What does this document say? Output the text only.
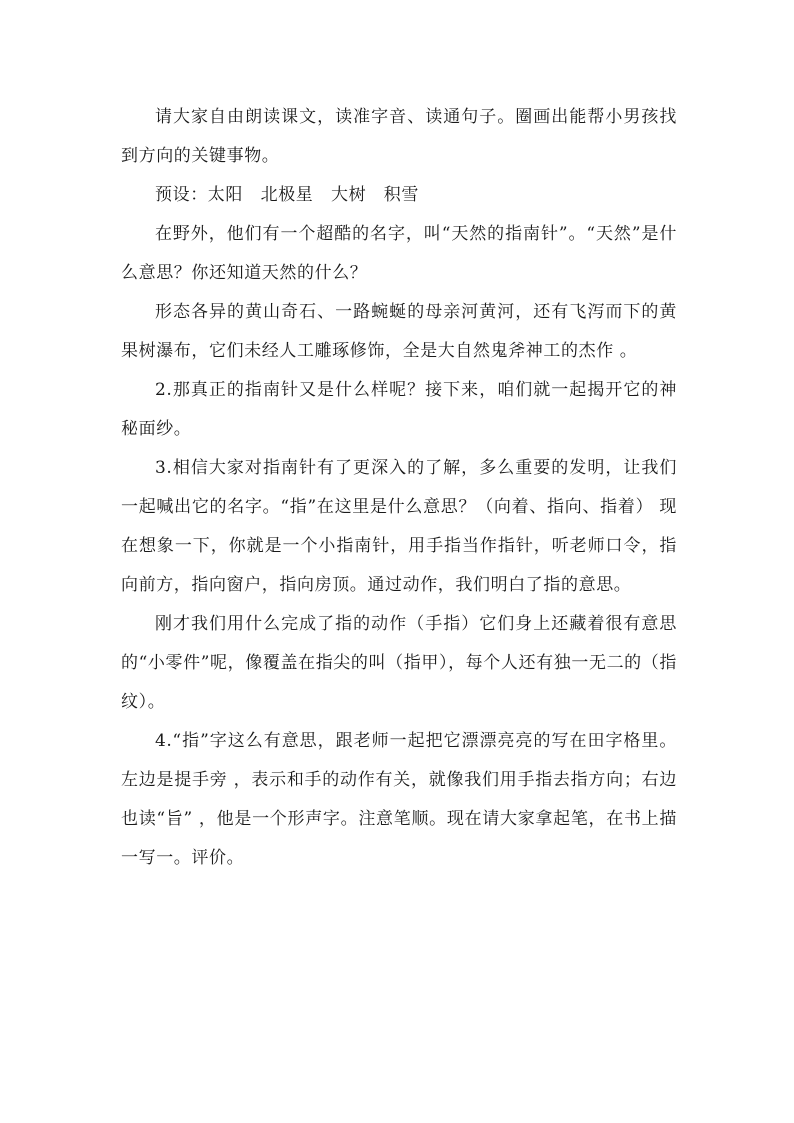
请大家自由朗读课文，读准字音、读通句子。圈画出能帮小男孩找到方向的关键事物。

预设：太阳　北极星　大树　积雪

在野外，他们有一个超酷的名字，叫“天然的指南针”。“天然”是什么意思？你还知道天然的什么？

形态各异的黄山奇石、一路蜿蜒的母亲河黄河，还有飞泻而下的黄果树瀑布，它们未经人工雕琢修饰，全是大自然鬼斧神工的杰作 。

2.那真正的指南针又是什么样呢？接下来，咱们就一起揭开它的神秘面纱。

3.相信大家对指南针有了更深入的了解，多么重要的发明，让我们一起喊出它的名字。“指”在这里是什么意思？（向着、指向、指着） 现在想象一下，你就是一个小指南针，用手指当作指针，听老师口令，指向前方，指向窗户，指向房顶。通过动作，我们明白了指的意思。

刚才我们用什么完成了指的动作（手指）它们身上还藏着很有意思的“小零件”呢，像覆盖在指尖的叫（指甲），每个人还有独一无二的（指纹）。

4.“指”字这么有意思，跟老师一起把它漂漂亮亮的写在田字格里。左边是提手旁 ，表示和手的动作有关，就像我们用手指去指方向；右边也读“旨” ，他是一个形声字。注意笔顺。现在请大家拿起笔，在书上描一写一。评价。
